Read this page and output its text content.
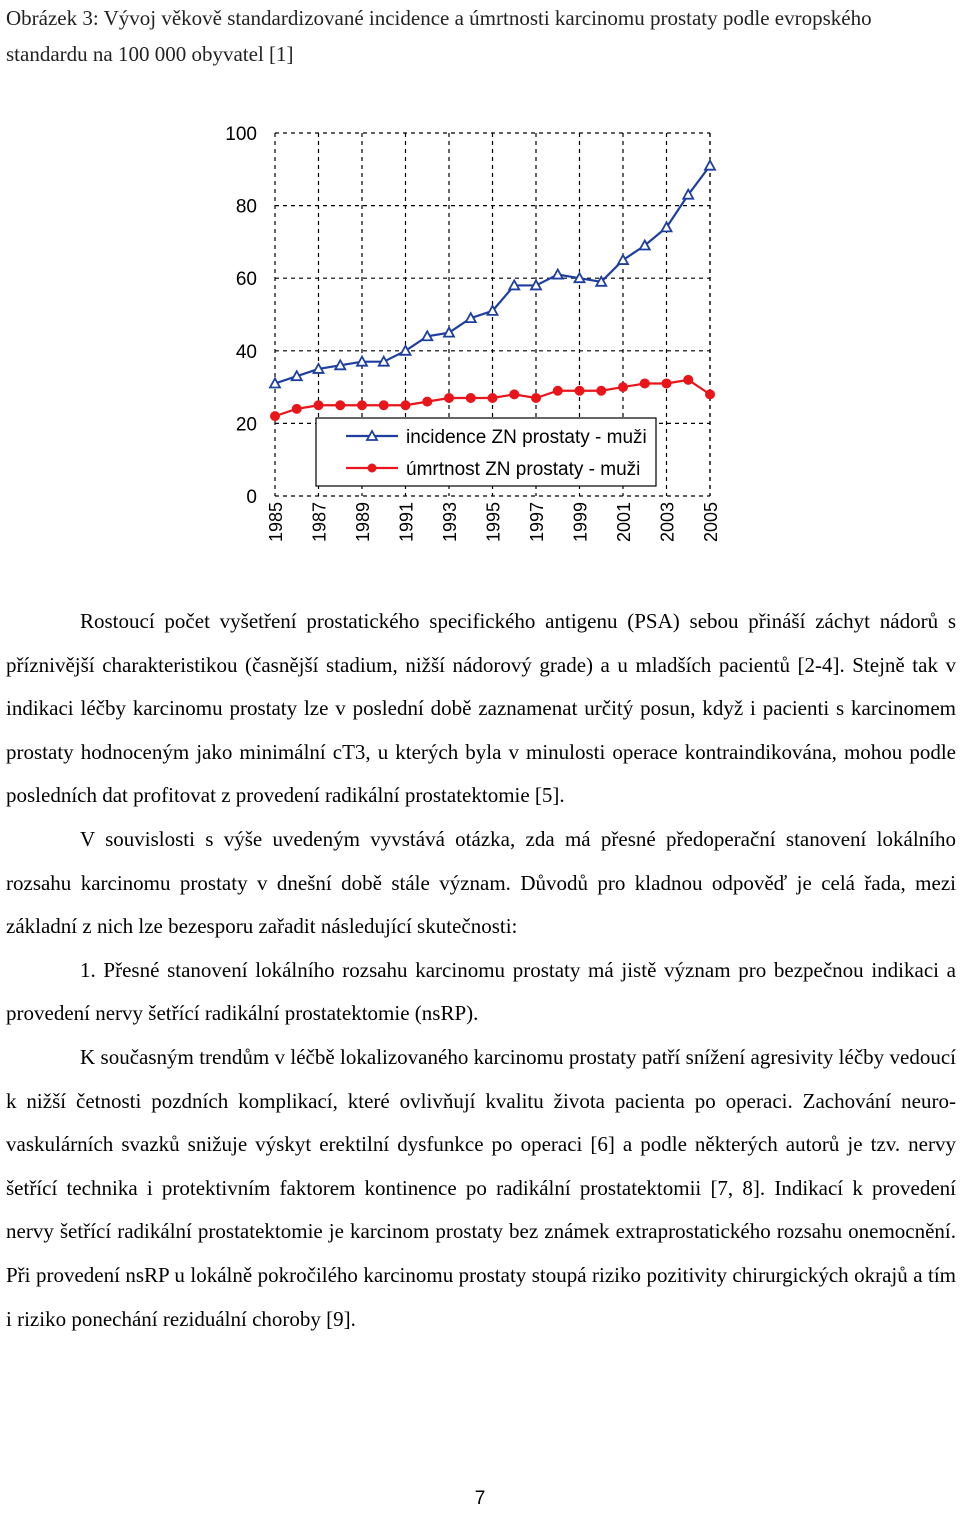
Obrázek 3: Vývoj věkově standardizované incidence a úmrtnosti karcinomu prostaty podle evropského standardu na 100 000 obyvatel [1]
0
20
40
60
80
100
1985 1987 1989 1991 1993 1995 1997 1999 2001 2003 2005
incidence ZN prostaty - muži
úmrtnost ZN prostaty - muži

Rostoucí počet vyšetření prostatického specifického antigenu (PSA) sebou přináší záchyt nádorů s příznivější charakteristikou (časnější stadium, nižší nádorový grade) a u mladších pacientů [2-4]. Stejně tak v indikaci léčby karcinomu prostaty lze v poslední době zaznamenat určitý posun, když i pacienti s karcinomem prostaty hodnoceným jako minimální cT3, u kterých byla v minulosti operace kontraindikována, mohou podle posledních dat profitovat z provedení radikální prostatektomie [5].

V souvislosti s výše uvedeným vyvstává otázka, zda má přesné předoperační stanovení lokálního rozsahu karcinomu prostaty v dnešní době stále význam. Důvodů pro kladnou odpověď je celá řada, mezi základní z nich lze bezesporu zařadit následující skutečnosti:

1. Přesné stanovení lokálního rozsahu karcinomu prostaty má jistě význam pro bezpečnou indikaci a provedení nervy šetřící radikální prostatektomie (nsRP).

K současným trendům v léčbě lokalizovaného karcinomu prostaty patří snížení agresivity léčby vedoucí k nižší četnosti pozdních komplikací, které ovlivňují kvalitu života pacienta po operaci. Zachování neuro-vaskulárních svazků snižuje výskyt erektilní dysfunkce po operaci [6] a podle některých autorů je tzv. nervy šetřící technika i protektivním faktorem kontinence po radikální prostatektomii [7, 8]. Indikací k provedení nervy šetřící radikální prostatektomie je karcinom prostaty bez známek extraprostatického rozsahu onemocnění. Při provedení nsRP u lokálně pokročilého karcinomu prostaty stoupá riziko pozitivity chirurgických okrajů a tím i riziko ponechání reziduální choroby [9].

7
